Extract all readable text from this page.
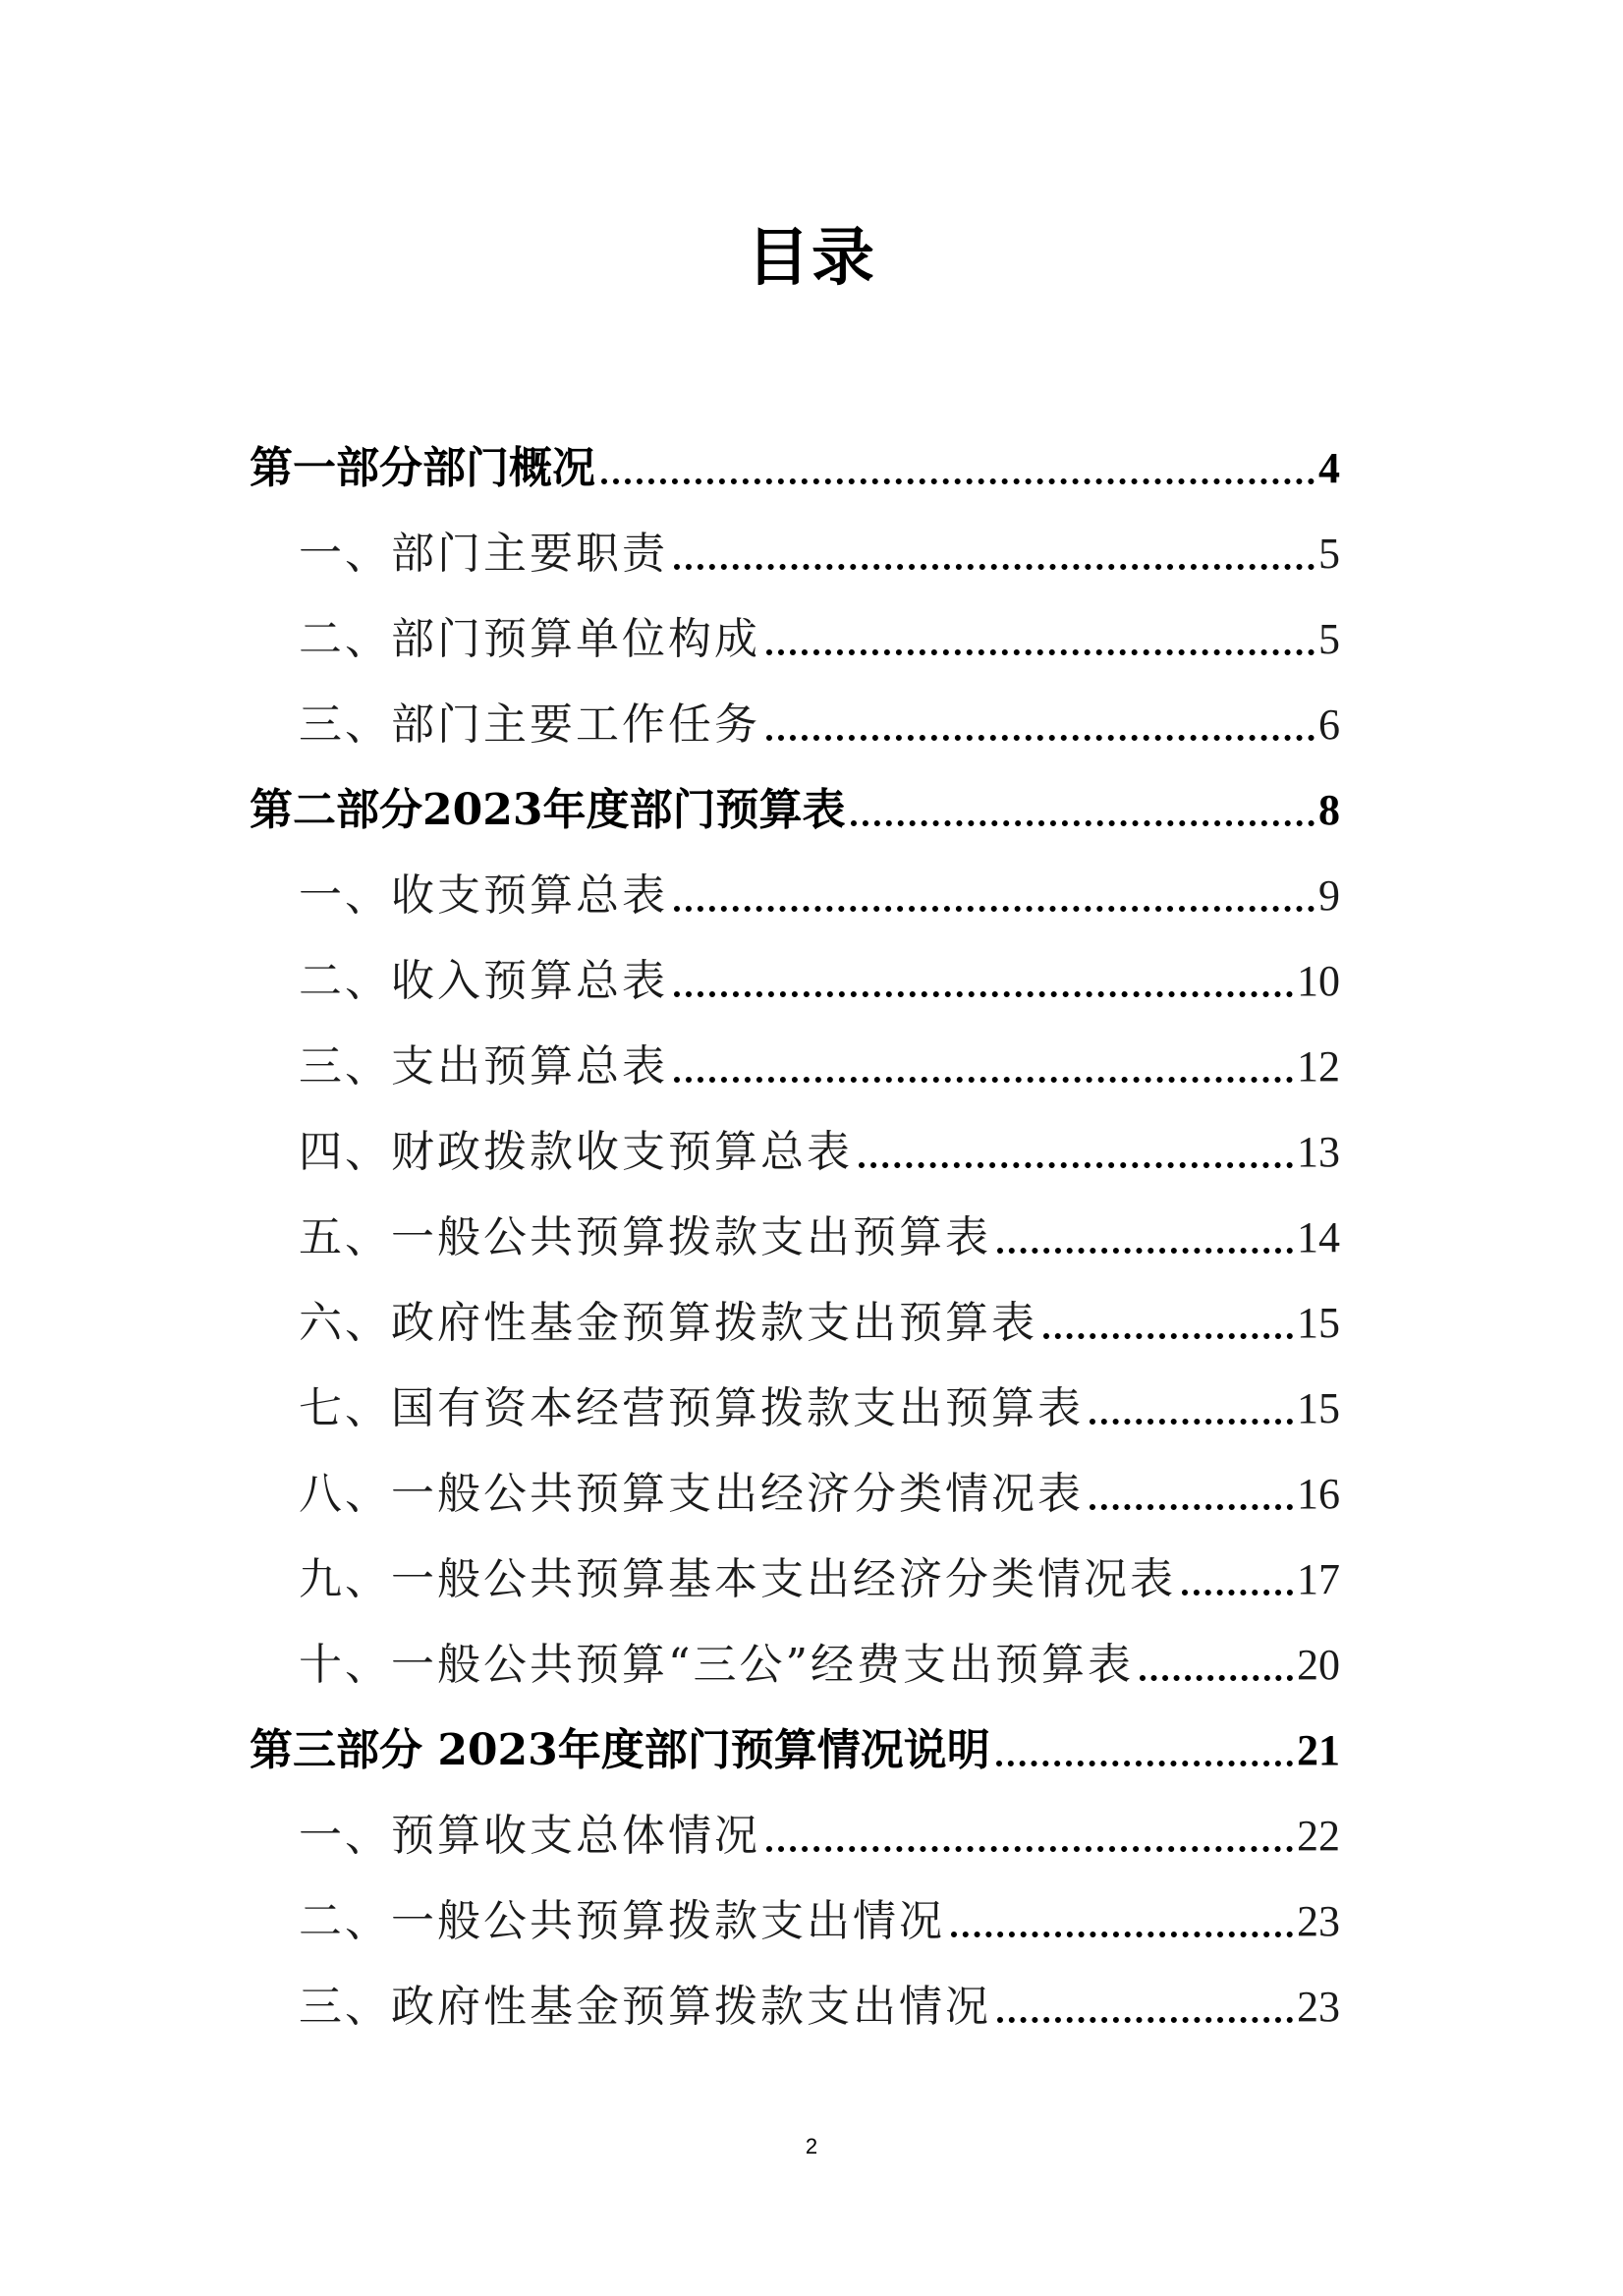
目录
第一部分部门概况	4
一、部门主要职责	5
二、部门预算单位构成	5
三、部门主要工作任务	6
第二部分2023年度部门预算表	8
一、收支预算总表	9
二、收入预算总表	10
三、支出预算总表	12
四、财政拨款收支预算总表	13
五、一般公共预算拨款支出预算表	14
六、政府性基金预算拨款支出预算表	15
七、国有资本经营预算拨款支出预算表	15
八、一般公共预算支出经济分类情况表	16
九、一般公共预算基本支出经济分类情况表	17
十、一般公共预算“三公”经费支出预算表	20
第三部分 2023年度部门预算情况说明	21
一、预算收支总体情况	22
二、一般公共预算拨款支出情况	23
三、政府性基金预算拨款支出情况	23
2
